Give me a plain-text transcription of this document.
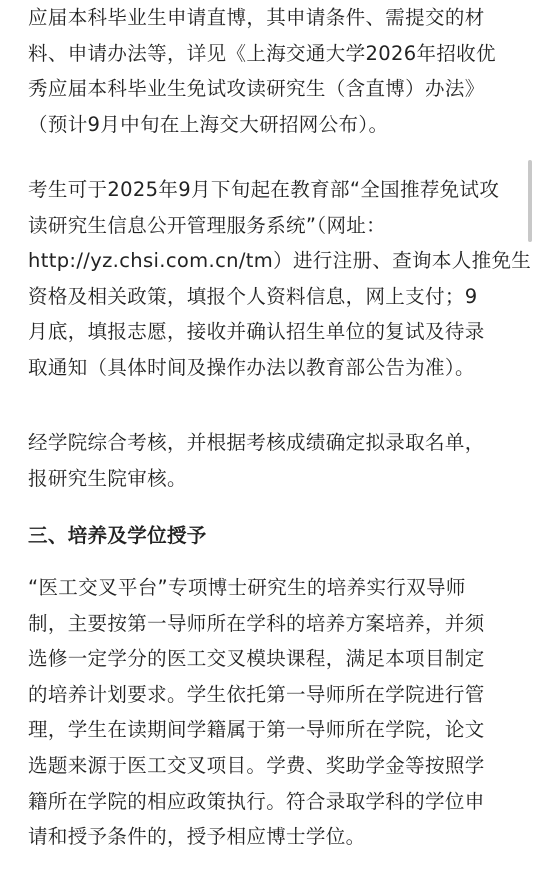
应届本科毕业生申请直博，其申请条件、需提交的材
料、申请办法等，详见《上海交通大学2026年招收优
秀应届本科毕业生免试攻读研究生（含直博）办法》
（预计9月中旬在上海交大研招网公布）。
考生可于2025年9月下旬起在教育部“全国推荐免试攻
读研究生信息公开管理服务系统”（网址：
http://yz.chsi.com.cn/tm）进行注册、查询本人推免生
资格及相关政策，填报个人资料信息，网上支付；9
月底，填报志愿，接收并确认招生单位的复试及待录
取通知（具体时间及操作办法以教育部公告为准）。
经学院综合考核，并根据考核成绩确定拟录取名单，
报研究生院审核。
三、培养及学位授予
“医工交叉平台”专项博士研究生的培养实行双导师
制，主要按第一导师所在学科的培养方案培养，并须
选修一定学分的医工交叉模块课程，满足本项目制定
的培养计划要求。学生依托第一导师所在学院进行管
理，学生在读期间学籍属于第一导师所在学院，论文
选题来源于医工交叉项目。学费、奖助学金等按照学
籍所在学院的相应政策执行。符合录取学科的学位申
请和授予条件的，授予相应博士学位。
